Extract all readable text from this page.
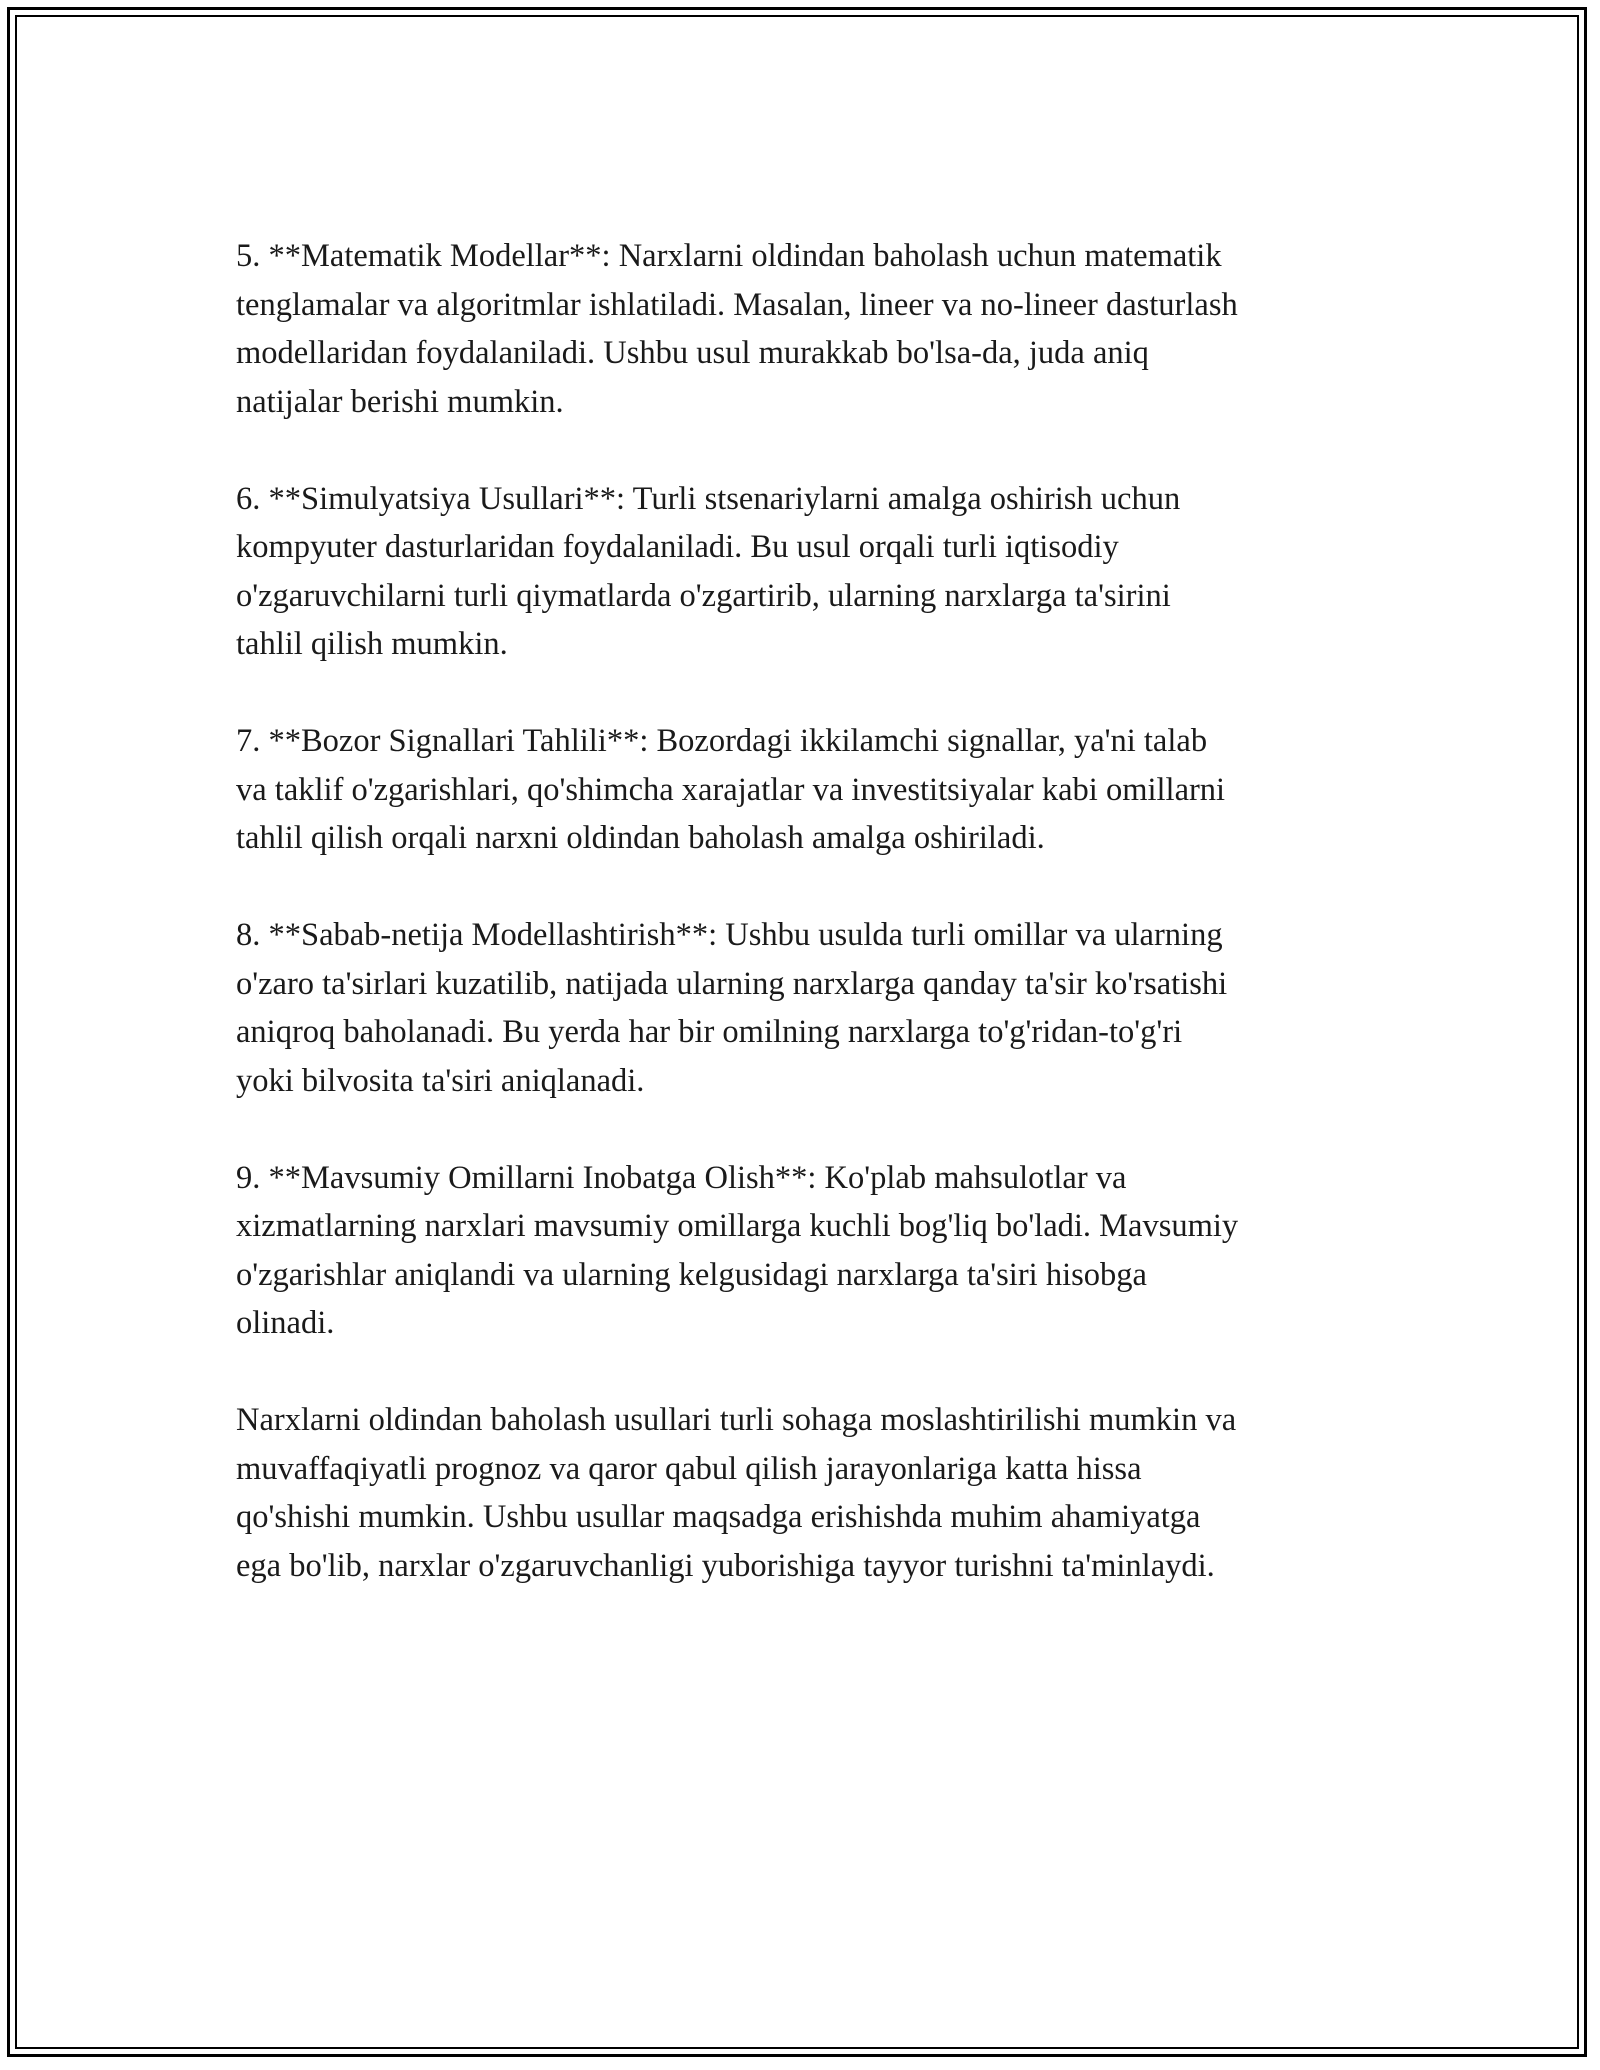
5. **Matematik Modellar**: Narxlarni oldindan baholash uchun matematik
tenglamalar va algoritmlar ishlatiladi. Masalan, lineer va no-lineer dasturlash
modellaridan foydalaniladi. Ushbu usul murakkab bo'lsa-da, juda aniq
natijalar berishi mumkin.

6. **Simulyatsiya Usullari**: Turli stsenariylarni amalga oshirish uchun
kompyuter dasturlaridan foydalaniladi. Bu usul orqali turli iqtisodiy
o'zgaruvchilarni turli qiymatlarda o'zgartirib, ularning narxlarga ta'sirini
tahlil qilish mumkin.

7. **Bozor Signallari Tahlili**: Bozordagi ikkilamchi signallar, ya'ni talab
va taklif o'zgarishlari, qo'shimcha xarajatlar va investitsiyalar kabi omillarni
tahlil qilish orqali narxni oldindan baholash amalga oshiriladi.

8. **Sabab-netija Modellashtirish**: Ushbu usulda turli omillar va ularning
o'zaro ta'sirlari kuzatilib, natijada ularning narxlarga qanday ta'sir ko'rsatishi
aniqroq baholanadi. Bu yerda har bir omilning narxlarga to'g'ridan-to'g'ri
yoki bilvosita ta'siri aniqlanadi.

9. **Mavsumiy Omillarni Inobatga Olish**: Ko'plab mahsulotlar va
xizmatlarning narxlari mavsumiy omillarga kuchli bog'liq bo'ladi. Mavsumiy
o'zgarishlar aniqlandi va ularning kelgusidagi narxlarga ta'siri hisobga
olinadi.

Narxlarni oldindan baholash usullari turli sohaga moslashtirilishi mumkin va
muvaffaqiyatli prognoz va qaror qabul qilish jarayonlariga katta hissa
qo'shishi mumkin. Ushbu usullar maqsadga erishishda muhim ahamiyatga
ega bo'lib, narxlar o'zgaruvchanligi yuborishiga tayyor turishni ta'minlaydi.
